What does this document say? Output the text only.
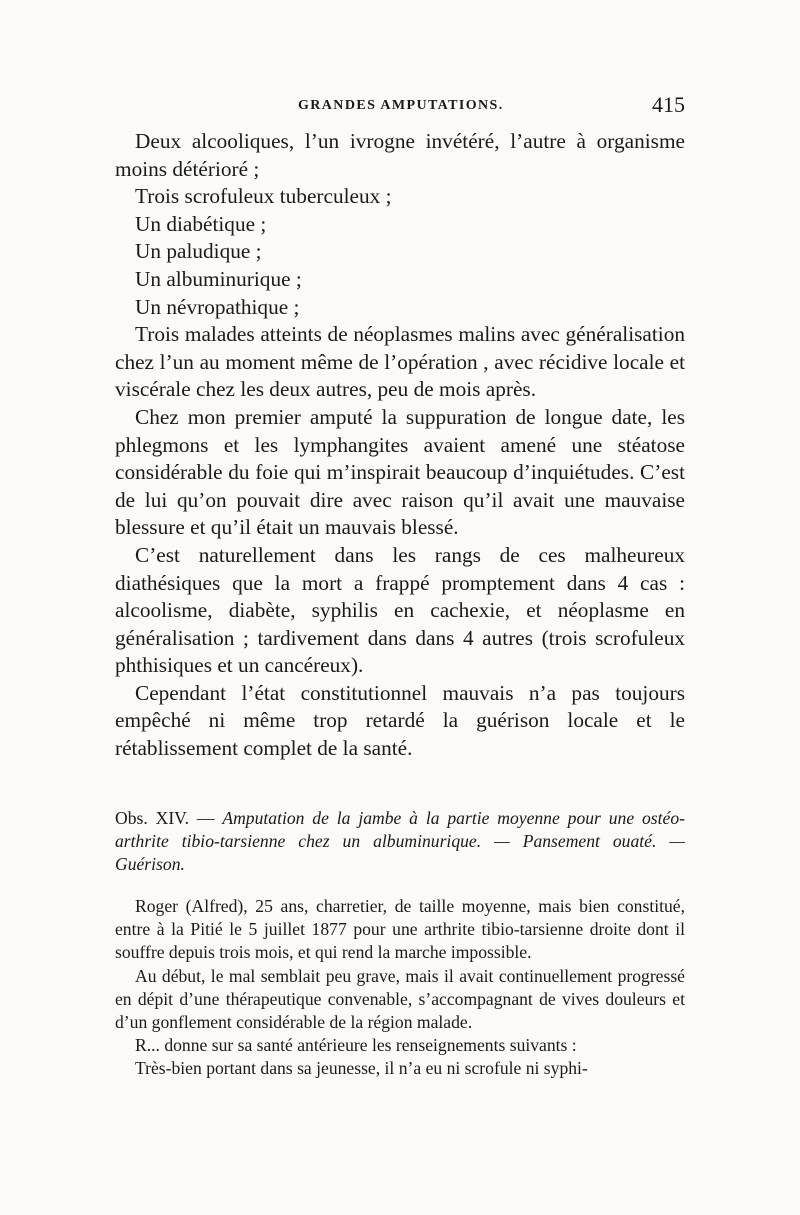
GRANDES AMPUTATIONS.	415

Deux alcooliques, l’un ivrogne invétéré, l’autre à organisme moins détérioré ;

Trois scrofuleux tuberculeux ;

Un diabétique ;

Un paludique ;

Un albuminurique ;

Un névropathique ;

Trois malades atteints de néoplasmes malins avec généralisation chez l’un au moment même de l’opération , avec récidive locale et viscérale chez les deux autres, peu de mois après.

Chez mon premier amputé la suppuration de longue date, les phlegmons et les lymphangites avaient amené une stéatose considérable du foie qui m’inspirait beaucoup d’inquiétudes. C’est de lui qu’on pouvait dire avec raison qu’il avait une mauvaise blessure et qu’il était un mauvais blessé.

C’est naturellement dans les rangs de ces malheureux diathésiques que la mort a frappé promptement dans 4 cas : alcoolisme, diabète, syphilis en cachexie, et néoplasme en généralisation ; tardivement dans dans 4 autres (trois scrofuleux phthisiques et un cancéreux).

Cependant l’état constitutionnel mauvais n’a pas toujours empêché ni même trop retardé la guérison locale et le rétablissement complet de la santé.

Obs. XIV. — Amputation de la jambe à la partie moyenne pour une ostéo-arthrite tibio-tarsienne chez un albuminurique. — Pansement ouaté. — Guérison.

Roger (Alfred), 25 ans, charretier, de taille moyenne, mais bien constitué, entre à la Pitié le 5 juillet 1877 pour une arthrite tibio-tarsienne droite dont il souffre depuis trois mois, et qui rend la marche impossible.

Au début, le mal semblait peu grave, mais il avait continuellement progressé en dépit d’une thérapeutique convenable, s’accompagnant de vives douleurs et d’un gonflement considérable de la région malade.

R... donne sur sa santé antérieure les renseignements suivants :

Très-bien portant dans sa jeunesse, il n’a eu ni scrofule ni syphi-
